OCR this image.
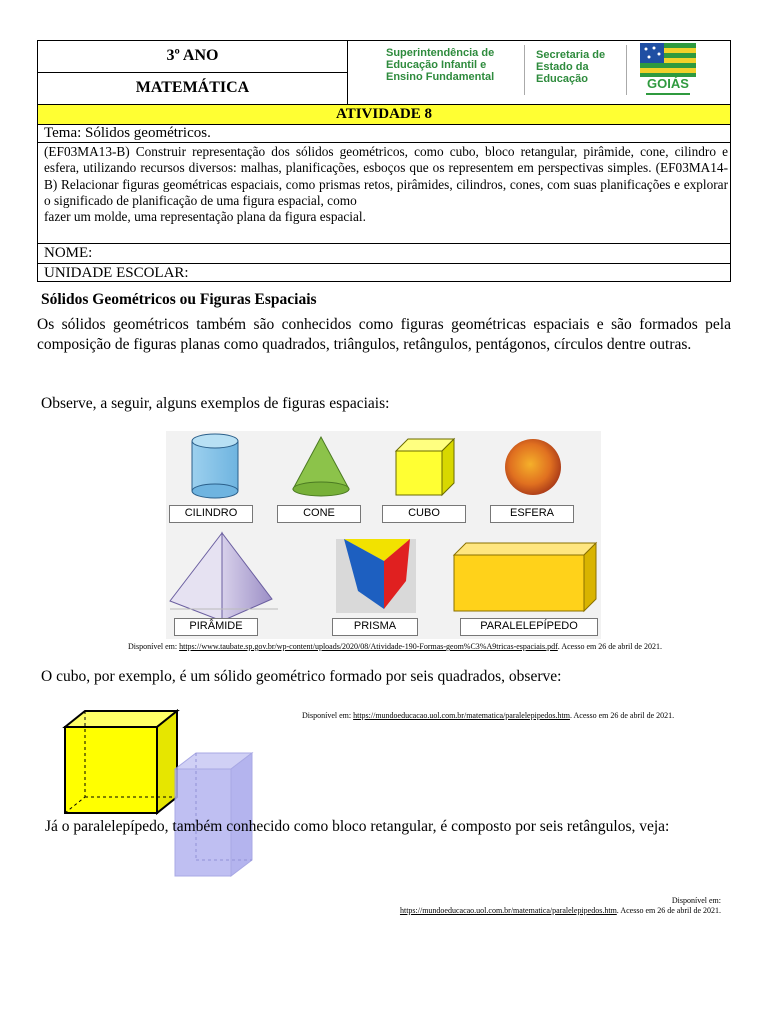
3º ANO
MATEMÁTICA
Superintendência de
Educação Infantil e
Ensino Fundamental
Secretaria de
Estado da
Educação	GOIÁS
ATIVIDADE 8
Tema: Sólidos geométricos.
(EF03MA13-B) Construir representação dos sólidos geométricos, como cubo, bloco retangular, pirâmide, cone, cilindro e esfera, utilizando recursos diversos: malhas, planificações, esboços que os representem em perspectivas simples. (EF03MA14-B) Relacionar figuras geométricas espaciais, como prismas retos, pirâmides, cilindros, cones, com suas planificações e explorar o significado de planificação de uma figura espacial, como
fazer um molde, uma representação plana da figura espacial.
NOME:
UNIDADE ESCOLAR:
Sólidos Geométricos ou Figuras Espaciais
Os sólidos geométricos também são conhecidos como figuras geométricas espaciais e são formados pela composição de figuras planas como quadrados, triângulos, retângulos, pentágonos, círculos dentre outras.
Observe, a seguir, alguns exemplos de figuras espaciais:
CILINDRO	CONE	CUBO	ESFERA
PIRÂMIDE	PRISMA	PARALELEPÍPEDO
Disponível em: https://www.taubate.sp.gov.br/wp-content/uploads/2020/08/Atividade-190-Formas-geom%C3%A9tricas-espaciais.pdf. Acesso em 26 de abril de 2021.
O cubo, por exemplo, é um sólido geométrico formado por seis quadrados, observe:
Disponível em: https://mundoeducacao.uol.com.br/matematica/paralelepipedos.htm. Acesso em 26 de abril de 2021.
Já o paralelepípedo, também conhecido como bloco retangular, é composto por seis retângulos, veja:
Disponível em:
https://mundoeducacao.uol.com.br/matematica/paralelepipedos.htm. Acesso em 26 de abril de 2021.
